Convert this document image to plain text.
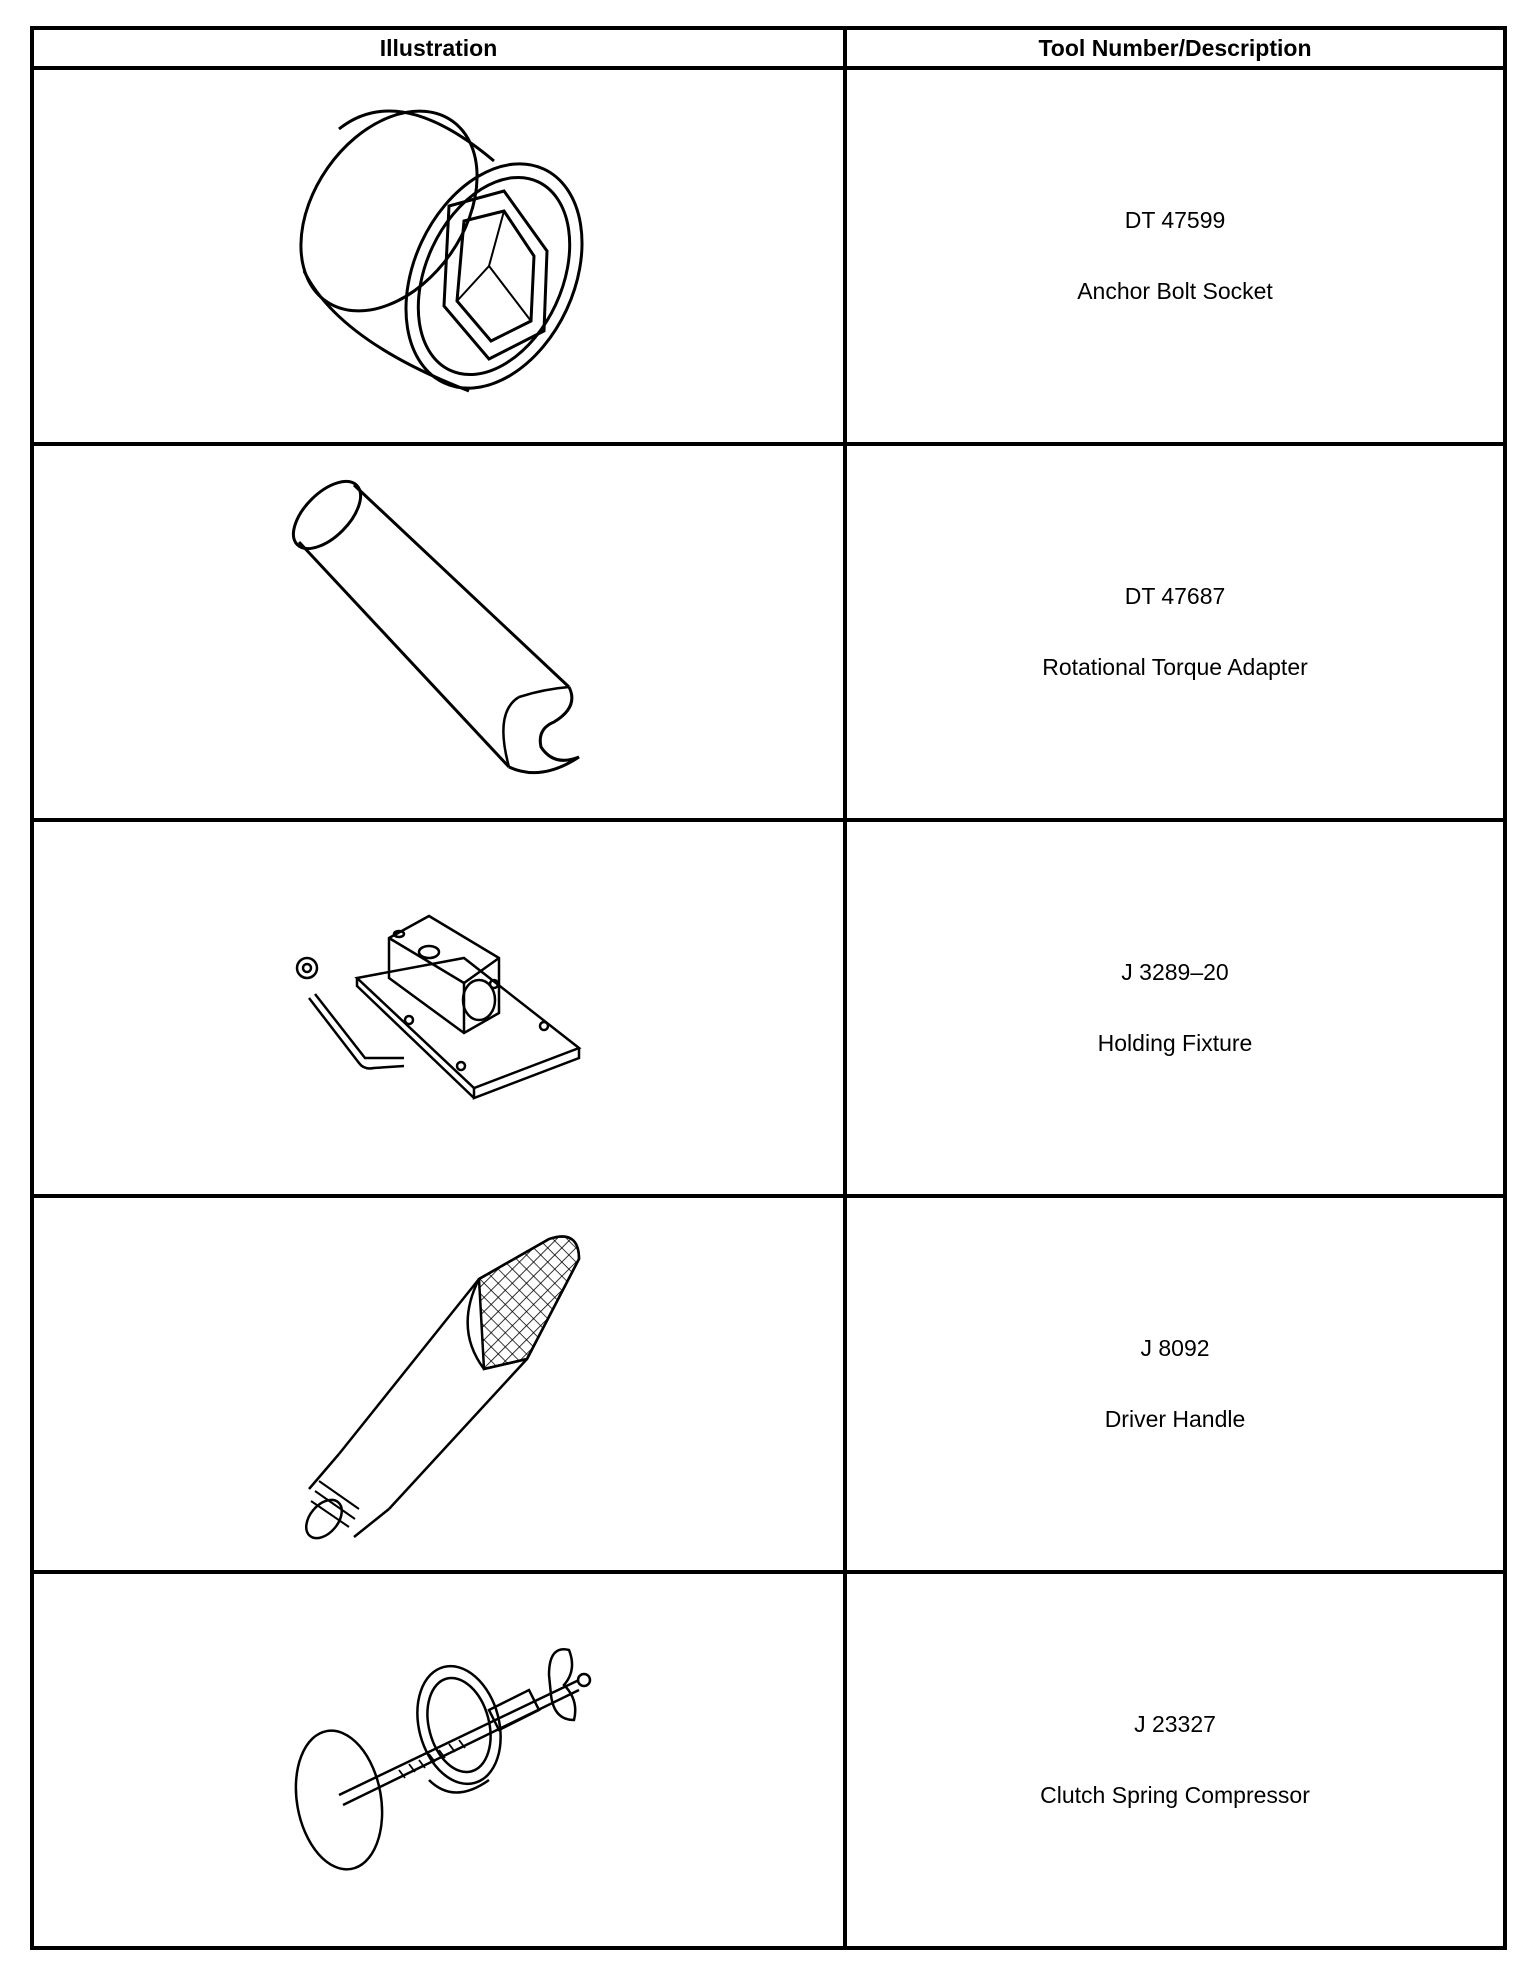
Illustration	Tool Number/Description

DT 47599
Anchor Bolt Socket

DT 47687
Rotational Torque Adapter

J 3289–20
Holding Fixture

J 8092
Driver Handle

J 23327
Clutch Spring Compressor
